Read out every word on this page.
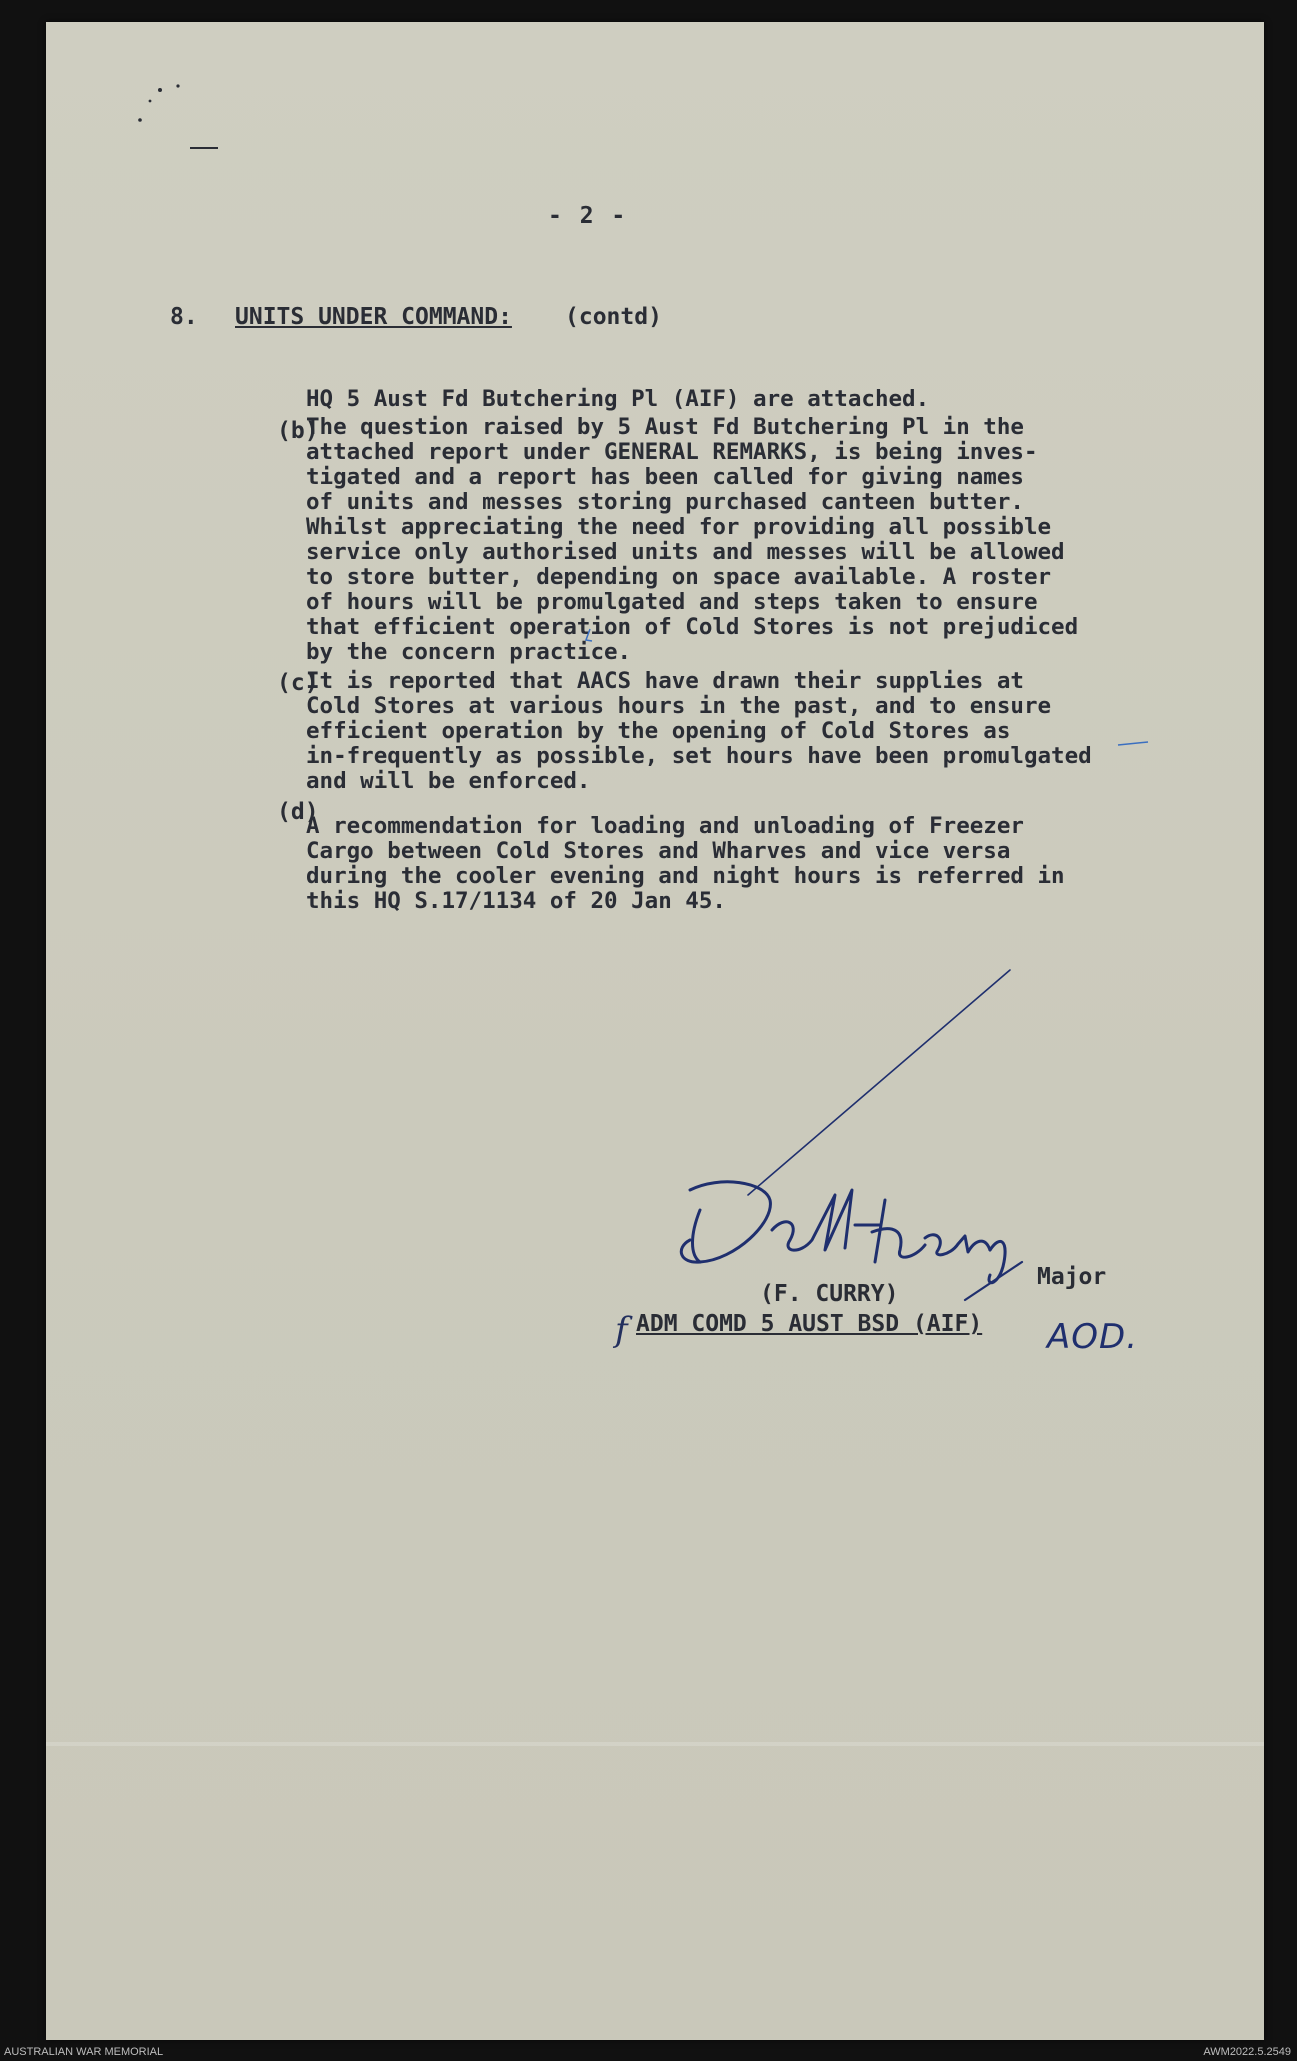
- 2 -
8. UNITS UNDER COMMAND: (contd)
HQ 5 Aust Fd Butchering Pl (AIF) are attached.
(b)
The question raised by 5 Aust Fd Butchering Pl in the
attached report under GENERAL REMARKS, is being inves-
tigated and a report has been called for giving names
of units and messes storing purchased canteen butter.
Whilst appreciating the need for providing all possible
service only authorised units and messes will be allowed
to store butter, depending on space available. A roster
of hours will be promulgated and steps taken to ensure
that efficient operation of Cold Stores is not prejudiced
by the concern practice.
(c)
It is reported that AACS have drawn their supplies at
Cold Stores at various hours in the past, and to ensure
efficient operation by the opening of Cold Stores as
in-frequently as possible, set hours have been promulgated
and will be enforced.
(d)
A recommendation for loading and unloading of Freezer
Cargo between Cold Stores and Wharves and vice versa
during the cooler evening and night hours is referred in
this HQ S.17/1134 of 20 Jan 45.
Major
(F. CURRY)
f ADM COMD 5 AUST BSD (AIF) AOD.
AUSTRALIAN WAR MEMORIAL	AWM2022.5.2549
